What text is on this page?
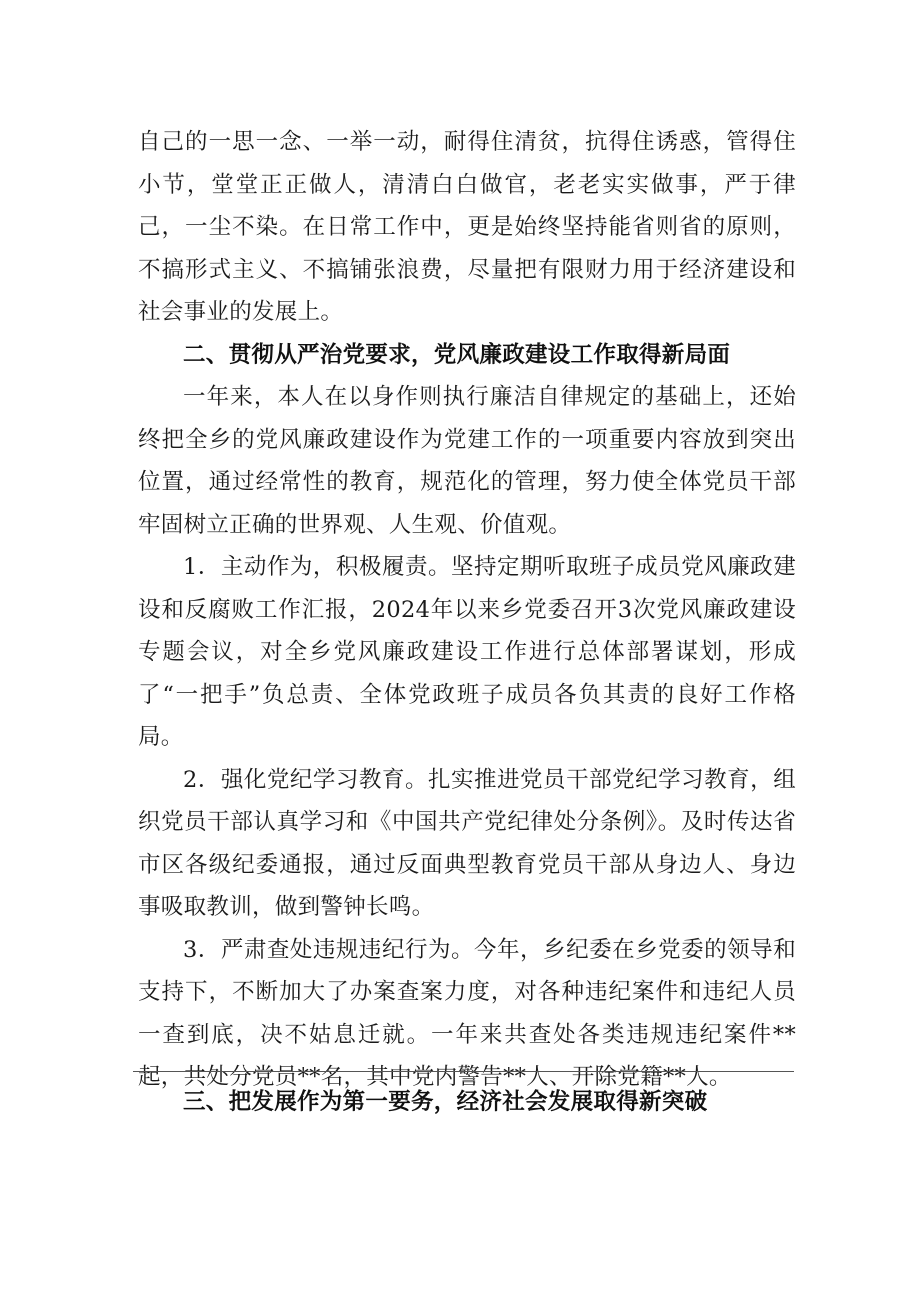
自己的一思一念、一举一动，耐得住清贫，抗得住诱惑，管得住小节，堂堂正正做人，清清白白做官，老老实实做事，严于律己，一尘不染。在日常工作中，更是始终坚持能省则省的原则，不搞形式主义、不搞铺张浪费，尽量把有限财力用于经济建设和社会事业的发展上。

二、贯彻从严治党要求，党风廉政建设工作取得新局面

一年来，本人在以身作则执行廉洁自律规定的基础上，还始终把全乡的党风廉政建设作为党建工作的一项重要内容放到突出位置，通过经常性的教育，规范化的管理，努力使全体党员干部牢固树立正确的世界观、人生观、价值观。

1．主动作为，积极履责。坚持定期听取班子成员党风廉政建设和反腐败工作汇报，2024年以来乡党委召开3次党风廉政建设专题会议，对全乡党风廉政建设工作进行总体部署谋划，形成了“一把手”负总责、全体党政班子成员各负其责的良好工作格局。

2．强化党纪学习教育。扎实推进党员干部党纪学习教育，组织党员干部认真学习和《中国共产党纪律处分条例》。及时传达省市区各级纪委通报，通过反面典型教育党员干部从身边人、身边事吸取教训，做到警钟长鸣。

3．严肃查处违规违纪行为。今年，乡纪委在乡党委的领导和支持下，不断加大了办案查案力度，对各种违纪案件和违纪人员一查到底，决不姑息迁就。一年来共查处各类违规违纪案件**起，共处分党员**名，其中党内警告**人、开除党籍**人。

三、把发展作为第一要务，经济社会发展取得新突破
